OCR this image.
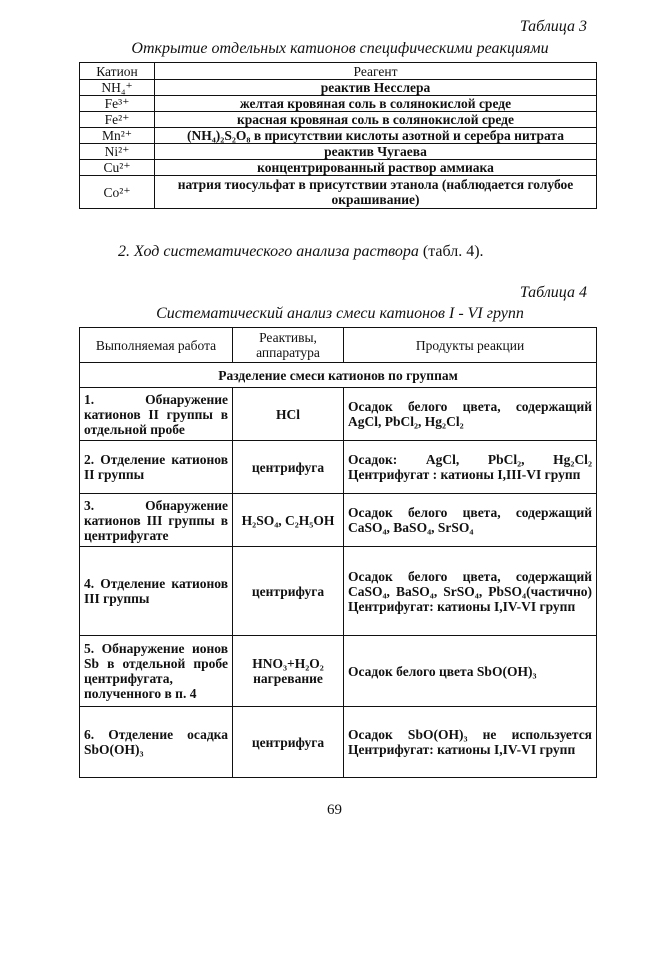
Таблица 3
Открытие отдельных катионов специфическими реакциями
Катион	Реагент
NH₄⁺	реактив Несслера
Fe³⁺	желтая кровяная соль в солянокислой среде
Fe²⁺	красная кровяная соль в солянокислой среде
Mn²⁺	(NH₄)₂S₂O₈ в присутствии кислоты азотной и серебра нитрата
Ni²⁺	реактив Чугаева
Cu²⁺	концентрированный раствор аммиака
Co²⁺	натрия тиосульфат в присутствии этанола (наблюдается голубое окрашивание)
2. Ход систематического анализа раствора (табл. 4).
Таблица 4
Систематический анализ смеси катионов I - VI групп
Выполняемая работа	Реактивы, аппаратура	Продукты реакции
Разделение смеси катионов по группам		
1. Обнаружение катионов II группы в отдельной пробе	HCl	Осадок белого цвета, содержащий AgCl, PbCl₂, Hg₂Cl₂
2. Отделение катионов II группы	центрифуга	Осадок: AgCl, PbCl₂, Hg₂Cl₂ Центрифугат : катионы I,III-VI групп
3. Обнаружение катионов III группы в центрифугате	H₂SO₄, C₂H₅OH	Осадок белого цвета, содержащий CaSO₄, BaSO₄, SrSO₄
4. Отделение катионов III группы	центрифуга	Осадок белого цвета, содержащий CaSO₄, BaSO₄, SrSO₄, PbSO₄(частично) Центрифугат: катионы I,IV-VI групп
5. Обнаружение ионов Sb в отдельной пробе центрифугата, полученного в п. 4	HNO₃+H₂O₂ нагревание	Осадок белого цвета SbO(OH)₃
6. Отделение осадка SbO(OH)₃	центрифуга	Осадок SbO(OH)₃ не используется Центрифугат: катионы I,IV-VI групп
69
